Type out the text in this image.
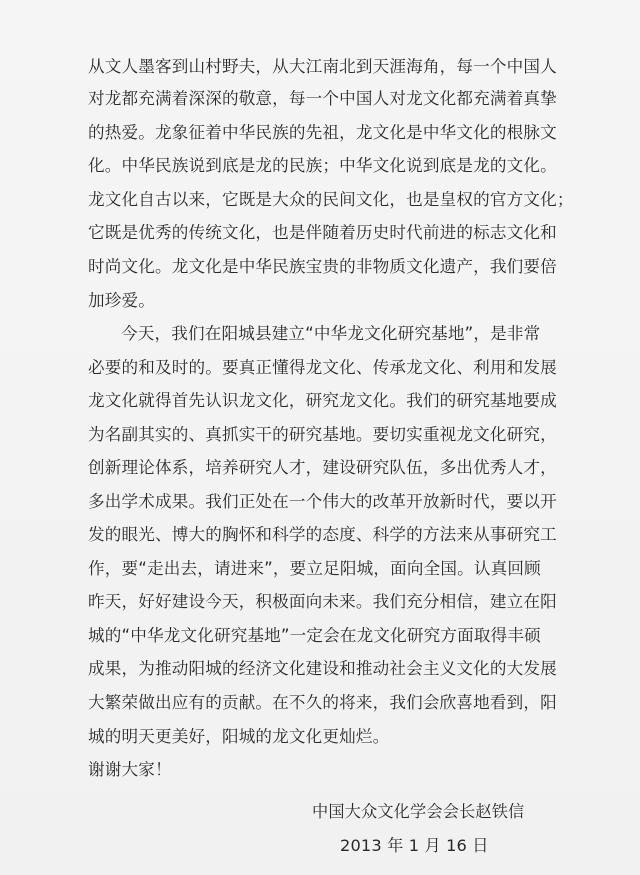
从文人墨客到山村野夫，从大江南北到天涯海角，每一个中国人
对龙都充满着深深的敬意，每一个中国人对龙文化都充满着真挚
的热爱。龙象征着中华民族的先祖，龙文化是中华文化的根脉文
化。中华民族说到底是龙的民族；中华文化说到底是龙的文化。
龙文化自古以来，它既是大众的民间文化，也是皇权的官方文化；
它既是优秀的传统文化，也是伴随着历史时代前进的标志文化和
时尚文化。龙文化是中华民族宝贵的非物质文化遗产，我们要倍
加珍爱。
今天，我们在阳城县建立“中华龙文化研究基地”，是非常
必要的和及时的。要真正懂得龙文化、传承龙文化、利用和发展
龙文化就得首先认识龙文化，研究龙文化。我们的研究基地要成
为名副其实的、真抓实干的研究基地。要切实重视龙文化研究，
创新理论体系，培养研究人才，建设研究队伍，多出优秀人才，
多出学术成果。我们正处在一个伟大的改革开放新时代，要以开
发的眼光、博大的胸怀和科学的态度、科学的方法来从事研究工
作，要“走出去，请进来”，要立足阳城，面向全国。认真回顾
昨天，好好建设今天，积极面向未来。我们充分相信，建立在阳
城的“中华龙文化研究基地”一定会在龙文化研究方面取得丰硕
成果，为推动阳城的经济文化建设和推动社会主义文化的大发展
大繁荣做出应有的贡献。在不久的将来，我们会欣喜地看到，阳
城的明天更美好，阳城的龙文化更灿烂。
谢谢大家！
中国大众文化学会会长赵铁信
2013 年 1 月 16 日
